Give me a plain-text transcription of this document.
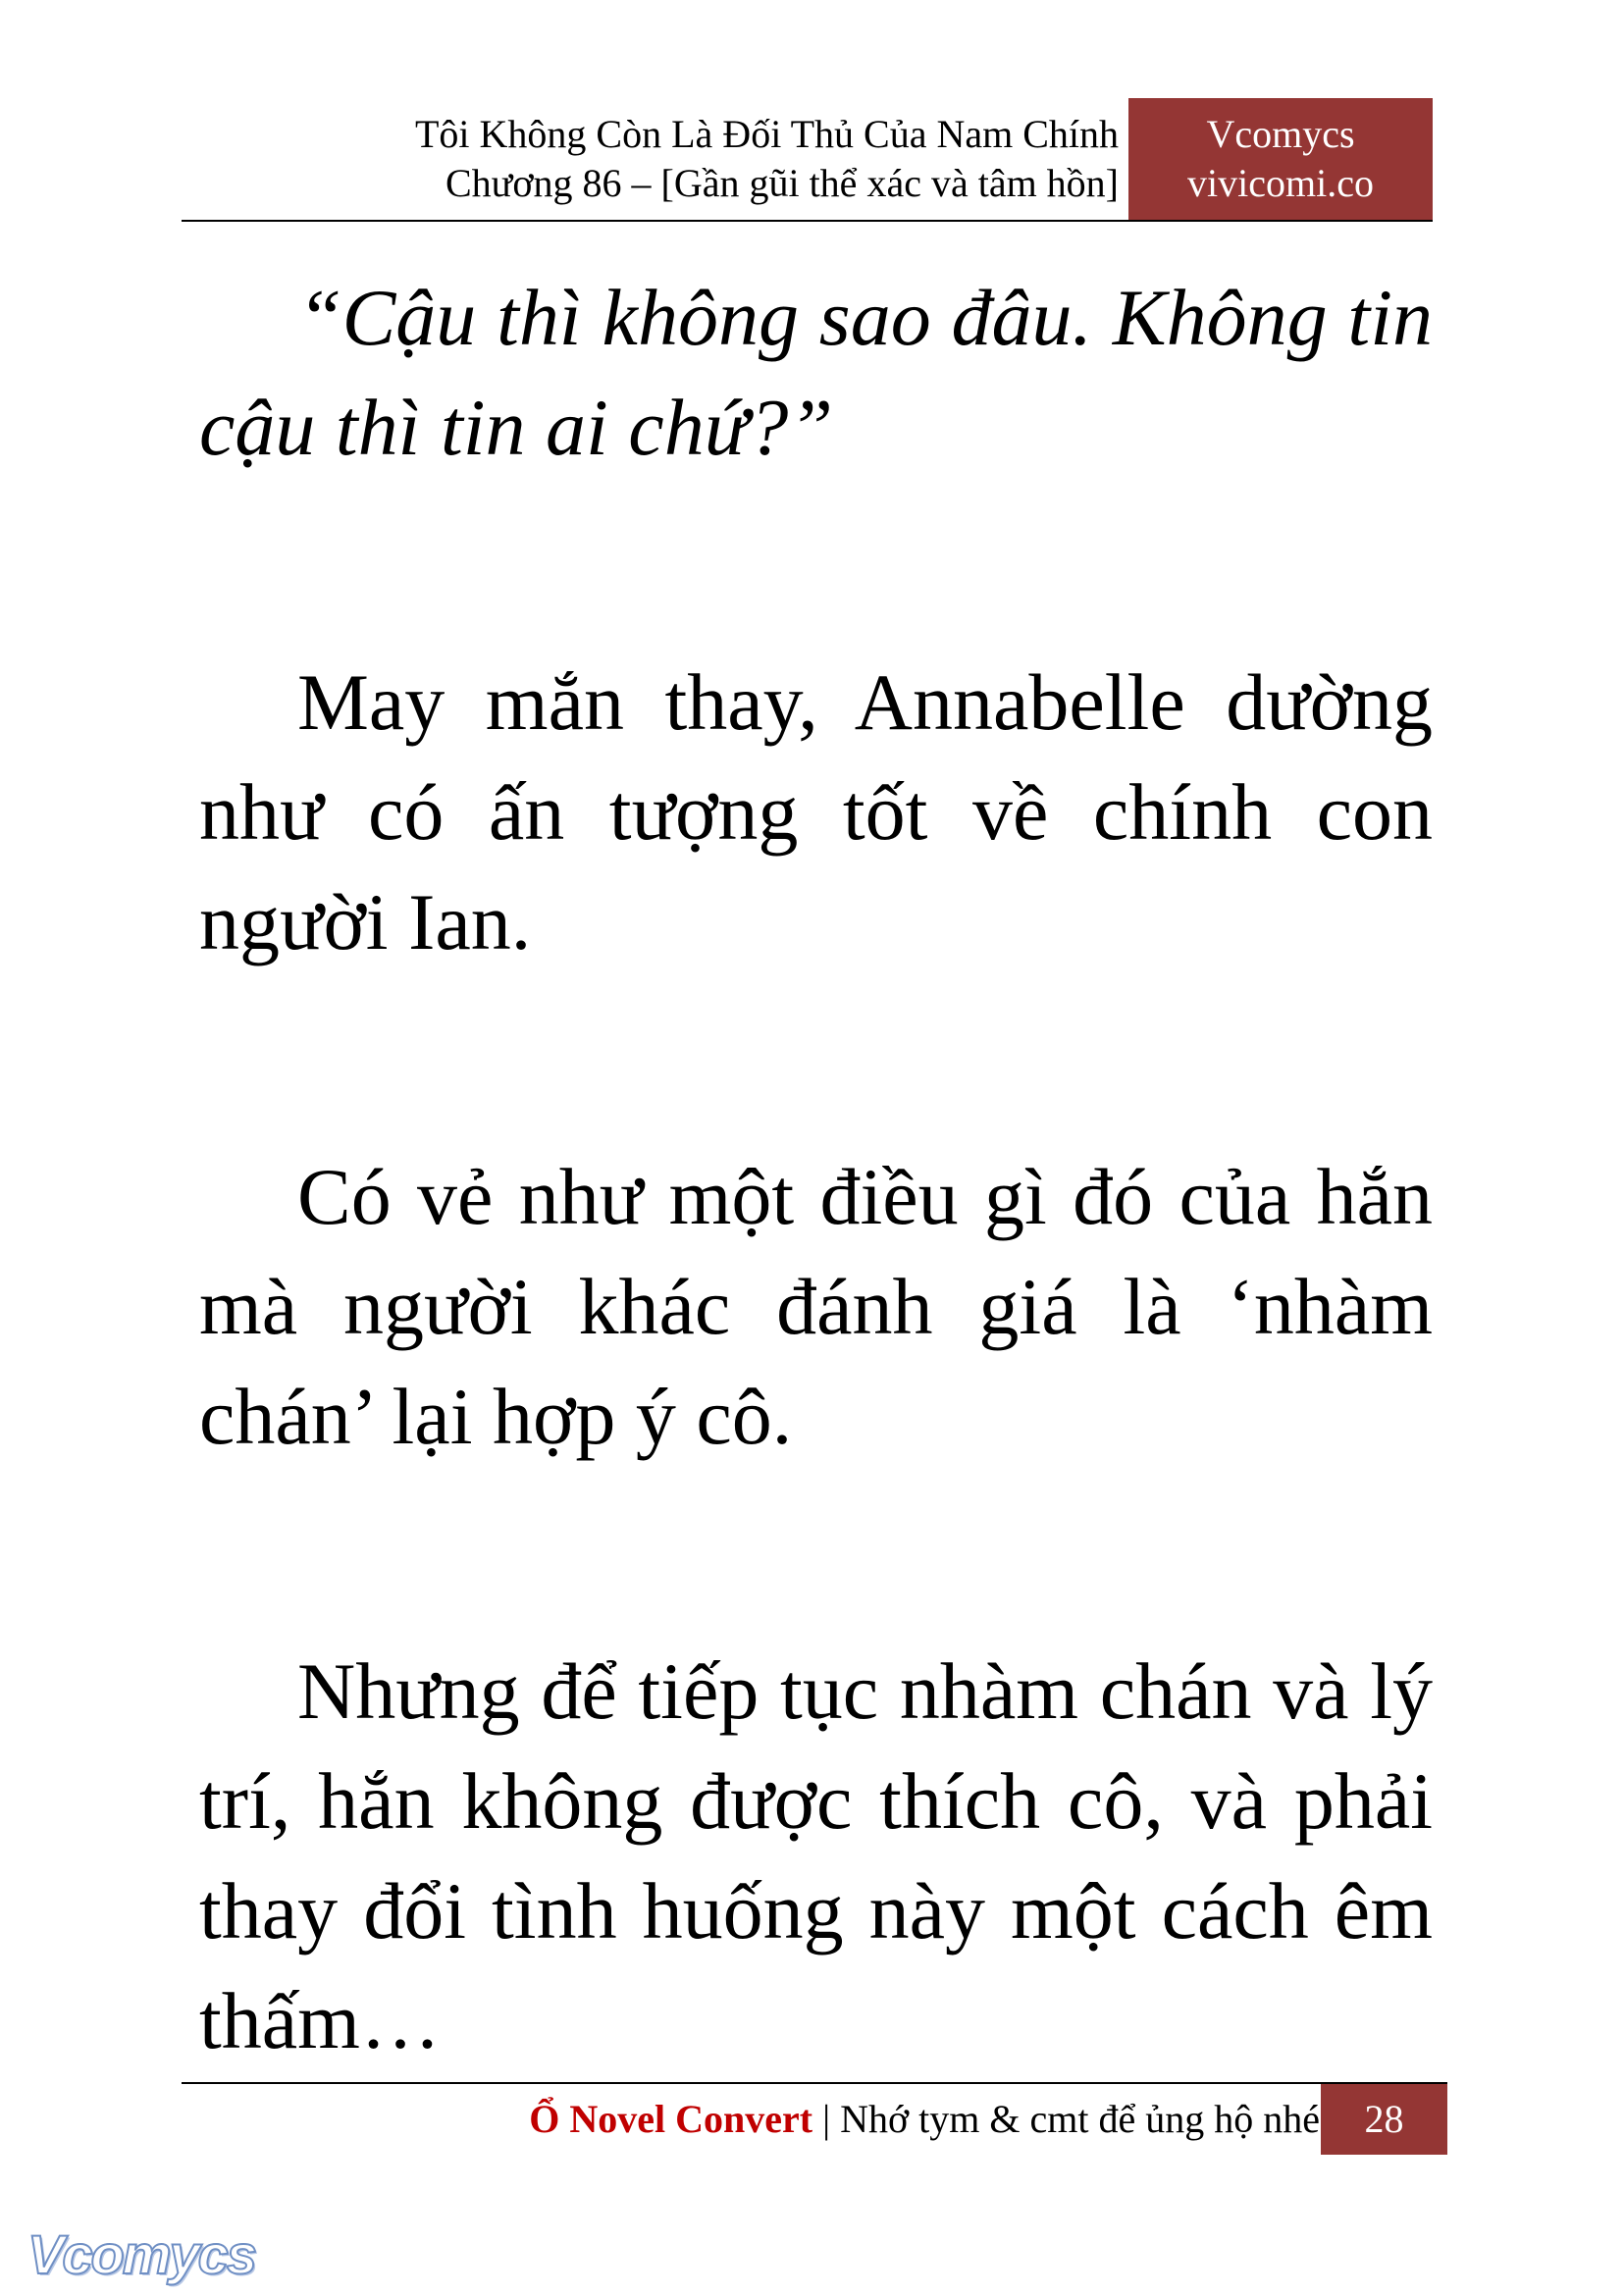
Tôi Không Còn Là Đối Thủ Của Nam Chính
Chương 86 – [Gần gũi thể xác và tâm hồn]
Vcomycs
vivicomi.co

“Cậu thì không sao đâu. Không tin cậu thì tin ai chứ?”

May mắn thay, Annabelle dường như có ấn tượng tốt về chính con người Ian.

Có vẻ như một điều gì đó của hắn mà người khác đánh giá là ‘nhàm chán’ lại hợp ý cô.

Nhưng để tiếp tục nhàm chán và lý trí, hắn không được thích cô, và phải thay đổi tình huống này một cách êm thấm…

Ổ Novel Convert | Nhớ tym & cmt để ủng hộ nhé	28
Vcomycs
